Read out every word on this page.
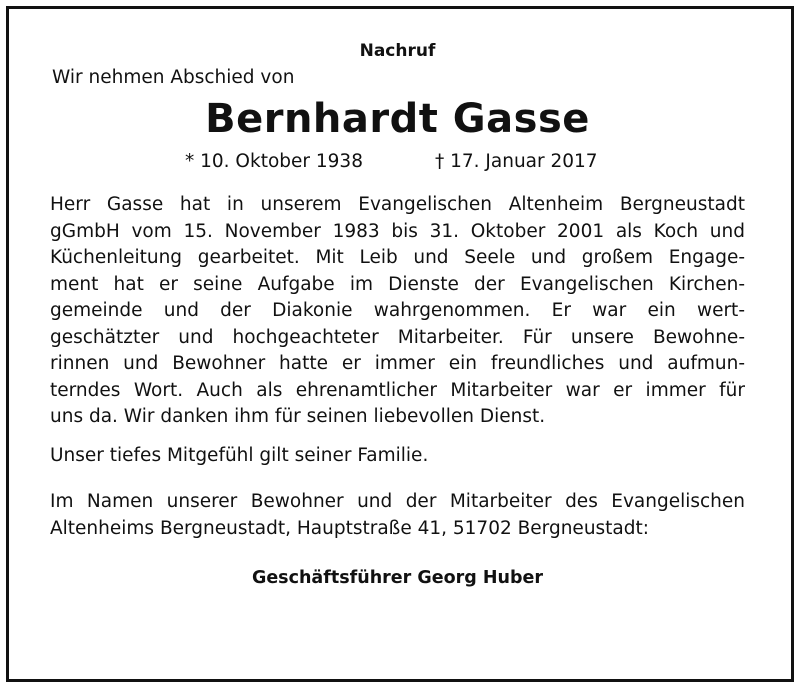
Nachruf

Wir nehmen Abschied von

Bernhardt Gasse

* 10. Oktober 1938	† 17. Januar 2017
Herr Gasse hat in unserem Evangelischen Altenheim Bergneustadt
gGmbH vom 15. November 1983 bis 31. Oktober 2001 als Koch und
Küchenleitung gearbeitet. Mit Leib und Seele und großem Engage-
ment hat er seine Aufgabe im Dienste der Evangelischen Kirchen-
gemeinde und der Diakonie wahrgenommen. Er war ein wert-
geschätzter und hochgeachteter Mitarbeiter. Für unsere Bewohne-
rinnen und Bewohner hatte er immer ein freundliches und aufmun-
terndes Wort. Auch als ehrenamtlicher Mitarbeiter war er immer für
uns da. Wir danken ihm für seinen liebevollen Dienst.
Unser tiefes Mitgefühl gilt seiner Familie.
Im Namen unserer Bewohner und der Mitarbeiter des Evangelischen
Altenheims Bergneustadt, Hauptstraße 41, 51702 Bergneustadt:
Geschäftsführer Georg Huber
